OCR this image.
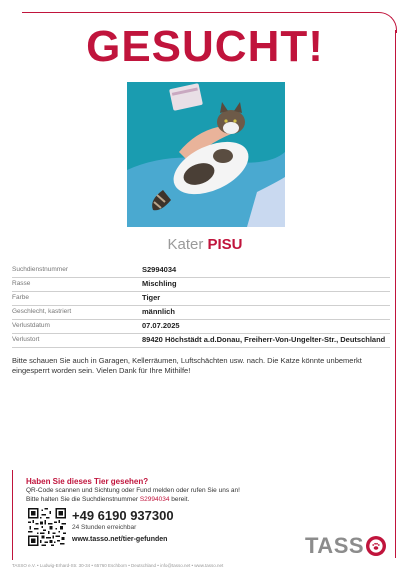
GESUCHT!
Kater PISU
Suchdienstnummer	S2994034
Rasse	Mischling
Farbe	Tiger
Geschlecht, kastriert	männlich
Verlustdatum	07.07.2025
Verlustort	89420 Höchstädt a.d.Donau, Freiherr-Von-Ungelter-Str., Deutschland
Bitte schauen Sie auch in Garagen, Kellerräumen, Luftschächten usw. nach. Die Katze könnte unbemerkt eingesperrt worden sein. Vielen Dank für Ihre Mithilfe!
Haben Sie dieses Tier gesehen?
QR-Code scannen und Sichtung oder Fund melden oder rufen Sie uns an!
Bitte halten Sie die Suchdienstnummer S2994034 bereit.
+49 6190 937300
24 Stunden erreichbar
www.tasso.net/tier-gefunden	TASS
TASSO e.V. • Ludwig-Erhard-Str. 30-34 • 65760 Eschborn • Deutschland • info@tasso.net • www.tasso.net
